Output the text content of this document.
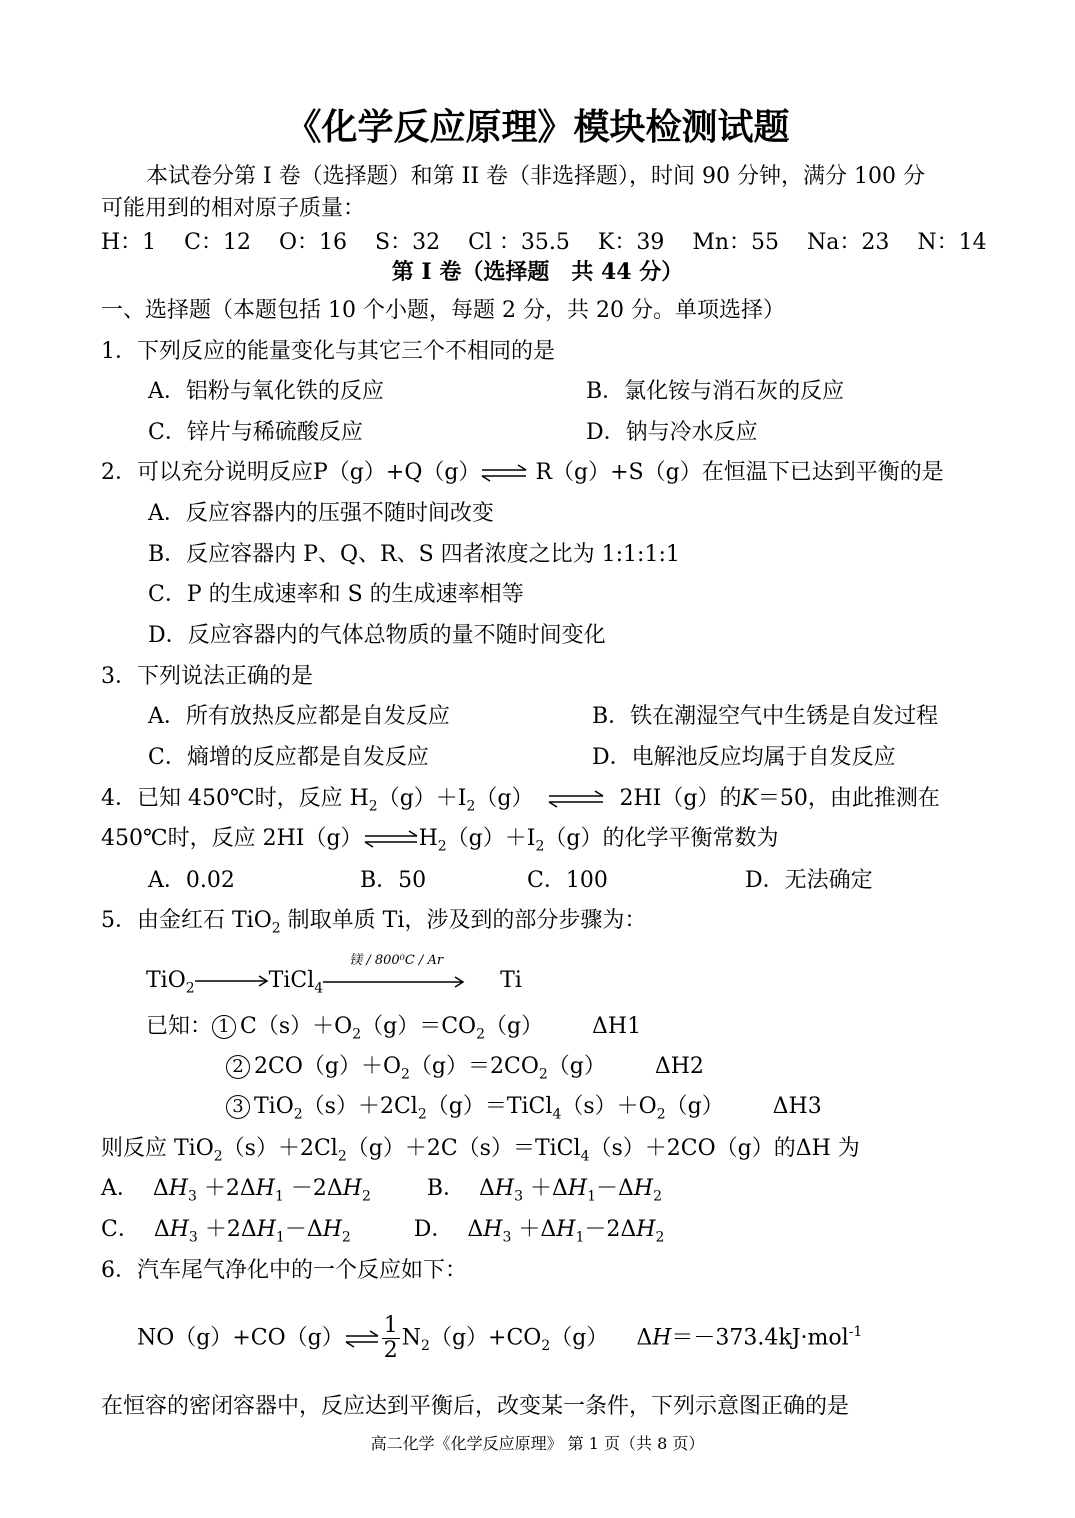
《化学反应原理》模块检测试题
本试卷分第 I 卷（选择题）和第 II 卷（非选择题），时间 90 分钟，满分 100 分
可能用到的相对原子质量：
H：1 C：12 O：16 S：32 Cl ：35.5 K：39 Mn：55 Na：23 N：14
第 I 卷（选择题　共 44 分）
一、选择题（本题包括 10 个小题，每题 2 分，共 20 分。单项选择）
1．下列反应的能量变化与其它三个不相同的是
A．铝粉与氧化铁的反应	B．氯化铵与消石灰的反应
C．锌片与稀硫酸反应	D．钠与冷水反应
2．可以充分说明反应P（g）+Q（g）⇌ R（g）+S（g）在恒温下已达到平衡的是
A．反应容器内的压强不随时间改变
B．反应容器内 P、Q、R、S 四者浓度之比为 1:1:1:1
C．P 的生成速率和 S 的生成速率相等
D．反应容器内的气体总物质的量不随时间变化
3．下列说法正确的是
A．所有放热反应都是自发反应	B．铁在潮湿空气中生锈是自发过程
C．熵增的反应都是自发反应	D．电解池反应均属于自发反应
4．已知 450℃时，反应 $H_2(g)+I_2(g)$ ⇌ 2HI（g）的K＝50，由此推测在
450℃时，反应 $2HI(g)\rightleftharpoons H_2(g)+I_2(g)$的化学平衡常数为
A．0.02	B．50	C．100	D．无法确定
5．由金红石 TiO$_2$ 制取单质 Ti，涉及到的部分步骤为：
TiO$_2$	TiCl$_4$
镁 / 800⁰C / Ar
Ti
已知： 1 $C(s)+O_2(g)=CO_2(g)$       ΔH1
2 $2CO(g)+O_2(g)=2CO_2(g)$       ΔH2
3 $TiO_2(s)+2Cl_2(g)=TiCl_4(s)+O_2(g)$       ΔH3
则反应 $TiO_2(s)+2Cl_2(g)+2C(s)=TiCl_4(s)+2CO(g)$的ΔH 为
A．  $\Delta H_3 +2\Delta H_1 -2\Delta H_2$	B．  $\Delta H_3 +\Delta H_1-\Delta H_2$
C．  $\Delta H_3 +2\Delta H_1-\Delta H_2$	D．  $\Delta H_3 +\Delta H_1-2\Delta H_2$
6．汽车尾气净化中的一个反应如下：
NO（g）+CO（g）⇌ $\frac{1}{2} N_2(g)+CO_2(g)$    ΔH＝－373.4kJ·mol$^{-1}$
在恒容的密闭容器中，反应达到平衡后，改变某一条件，下列示意图正确的是
高二化学《化学反应原理》 第 1 页（共 8 页）
